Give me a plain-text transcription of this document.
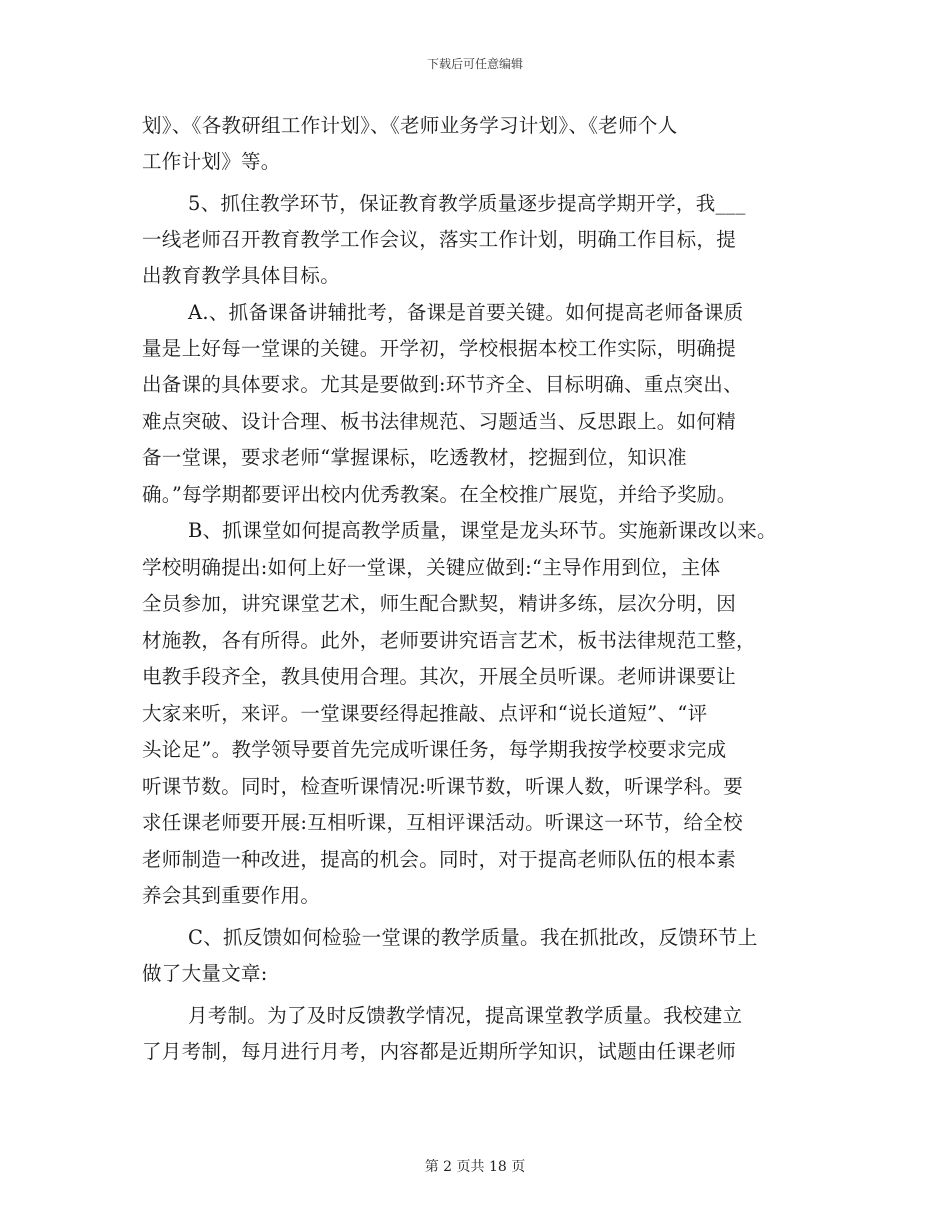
下载后可任意编辑
划》、《各教研组工作计划》、《老师业务学习计划》、《老师个人
工作计划》等。
5、抓住教学环节，保证教育教学质量逐步提高学期开学，我___
一线老师召开教育教学工作会议，落实工作计划，明确工作目标，提
出教育教学具体目标。
A.、抓备课备讲辅批考，备课是首要关键。如何提高老师备课质
量是上好每一堂课的关键。开学初，学校根据本校工作实际，明确提
出备课的具体要求。尤其是要做到:环节齐全、目标明确、重点突出、
难点突破、设计合理、板书法律规范、习题适当、反思跟上。如何精
备一堂课，要求老师“掌握课标，吃透教材，挖掘到位，知识准
确。”每学期都要评出校内优秀教案。在全校推广展览，并给予奖励。
B、抓课堂如何提高教学质量，课堂是龙头环节。实施新课改以来。
学校明确提出:如何上好一堂课，关键应做到:“主导作用到位，主体
全员参加，讲究课堂艺术，师生配合默契，精讲多练，层次分明，因
材施教，各有所得。此外，老师要讲究语言艺术，板书法律规范工整，
电教手段齐全，教具使用合理。其次，开展全员听课。老师讲课要让
大家来听，来评。一堂课要经得起推敲、点评和“说长道短”、“评
头论足”。教学领导要首先完成听课任务，每学期我按学校要求完成
听课节数。同时，检查听课情况:听课节数，听课人数，听课学科。要
求任课老师要开展:互相听课，互相评课活动。听课这一环节，给全校
老师制造一种改进，提高的机会。同时，对于提高老师队伍的根本素
养会其到重要作用。
C、抓反馈如何检验一堂课的教学质量。我在抓批改，反馈环节上
做了大量文章:
月考制。为了及时反馈教学情况，提高课堂教学质量。我校建立
了月考制，每月进行月考，内容都是近期所学知识，试题由任课老师
第 2 页共 18 页
